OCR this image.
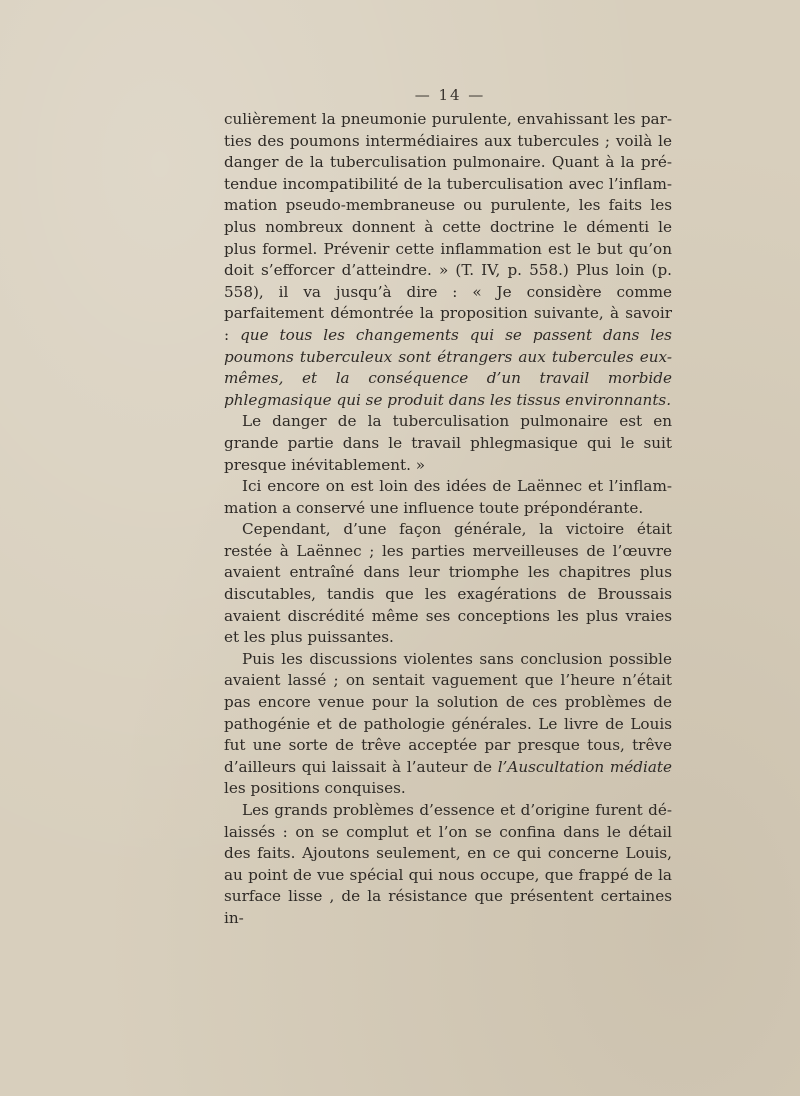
— 14 —

culièrement la pneumonie purulente, envahissant les parties des poumons intermédiaires aux tubercules ; voilà le danger de la tuberculisation pulmonaire. Quant à la prétendue incompatibilité de la tuberculisation avec l’inflammation pseudo-membraneuse ou purulente, les faits les plus nombreux donnent à cette doctrine le démenti le plus formel. Prévenir cette inflammation est le but qu’on doit s’efforcer d’atteindre. » (T. IV, p. 558.) Plus loin (p. 558), il va jusqu’à dire : « Je considère comme parfaitement démontrée la proposition suivante, à savoir : que tous les changements qui se passent dans les poumons tuberculeux sont étrangers aux tubercules eux-mêmes, et la conséquence d’un travail morbide phlegmasique qui se produit dans les tissus environnants.

Le danger de la tuberculisation pulmonaire est en grande partie dans le travail phlegmasique qui le suit presque inévitablement. »

Ici encore on est loin des idées de Laënnec et l’inflammation a conservé une influence toute prépondérante.

Cependant, d’une façon générale, la victoire était restée à Laënnec ; les parties merveilleuses de l’œuvre avaient entraîné dans leur triomphe les chapitres plus discutables, tandis que les exagérations de Broussais avaient discrédité même ses conceptions les plus vraies et les plus puissantes.

Puis les discussions violentes sans conclusion possible avaient lassé ; on sentait vaguement que l’heure n’était pas encore venue pour la solution de ces problèmes de pathogénie et de pathologie générales. Le livre de Louis fut une sorte de trêve acceptée par presque tous, trêve d’ailleurs qui laissait à l’auteur de l’Auscultation médiate les positions conquises.

Les grands problèmes d’essence et d’origine furent délaissés : on se complut et l’on se confina dans le détail des faits. Ajoutons seulement, en ce qui concerne Louis, au point de vue spécial qui nous occupe, que frappé de la surface lisse , de la résistance que présentent certaines in-
